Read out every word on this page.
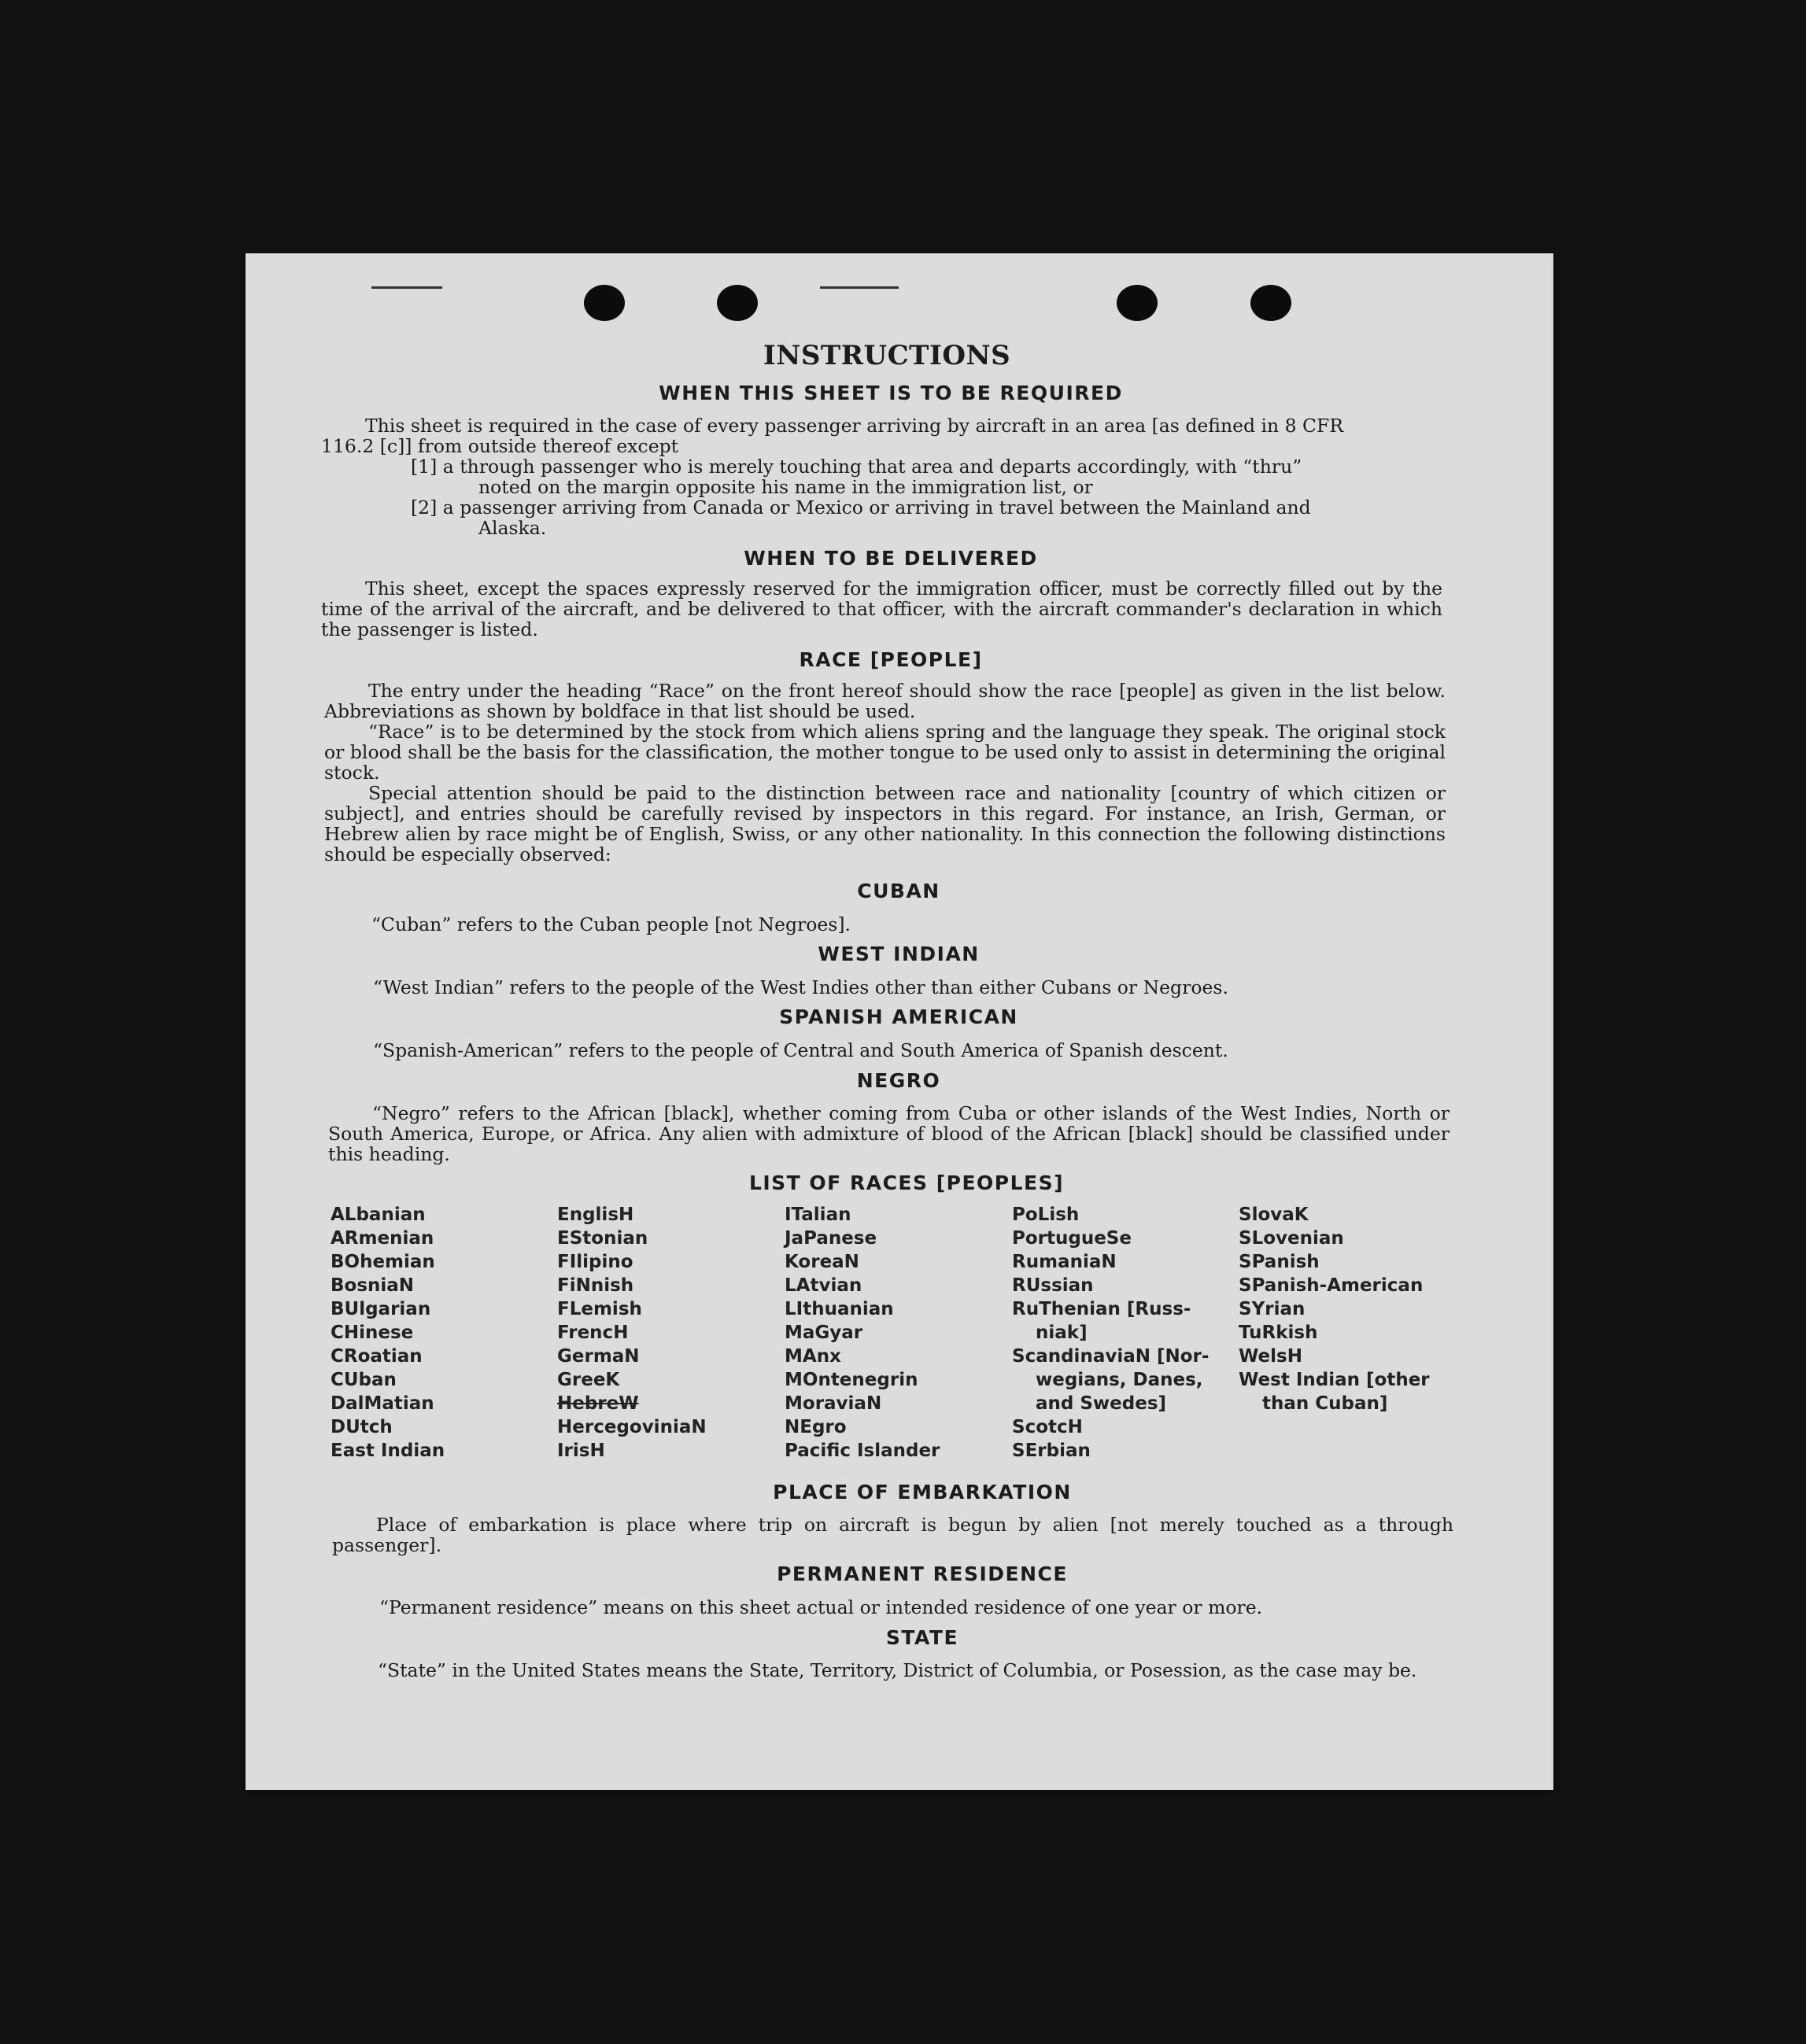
INSTRUCTIONS
WHEN THIS SHEET IS TO BE REQUIRED
This sheet is required in the case of every passenger arriving by aircraft in an area [as defined in 8 CFR
116.2 [c]] from outside thereof except
[1] a through passenger who is merely touching that area and departs accordingly, with “thru”
noted on the margin opposite his name in the immigration list, or
[2] a passenger arriving from Canada or Mexico or arriving in travel between the Mainland and
Alaska.
WHEN TO BE DELIVERED
This sheet, except the spaces expressly reserved for the immigration officer, must be correctly filled out by the time of the arrival of the aircraft, and be delivered to that officer, with the aircraft commander's declaration in which the passenger is listed.
RACE [PEOPLE]
The entry under the heading “Race” on the front hereof should show the race [people] as given in the list below. Abbreviations as shown by boldface in that list should be used.
“Race” is to be determined by the stock from which aliens spring and the language they speak. The original stock or blood shall be the basis for the classification, the mother tongue to be used only to assist in determining the original stock.
Special attention should be paid to the distinction between race and nationality [country of which citizen or subject], and entries should be carefully revised by inspectors in this regard. For instance, an Irish, German, or Hebrew alien by race might be of English, Swiss, or any other nationality. In this connection the following distinctions should be especially observed:
CUBAN
“Cuban” refers to the Cuban people [not Negroes].
WEST INDIAN
“West Indian” refers to the people of the West Indies other than either Cubans or Negroes.
SPANISH AMERICAN
“Spanish-American” refers to the people of Central and South America of Spanish descent.
NEGRO
“Negro” refers to the African [black], whether coming from Cuba or other islands of the West Indies, North or South America, Europe, or Africa. Any alien with admixture of blood of the African [black] should be classified under this heading.
LIST OF RACES [PEOPLES]
ALbanian
ARmenian
BOhemian
BosniaN
BUlgarian
CHinese
CRoatian
CUban
DalMatian
DUtch
East Indian
EnglisH
EStonian
FIlipino
FiNnish
FLemish
FrencH
GermaN
GreeK
HebreW
HercegoviniaN
IrisH
ITalian
JaPanese
KoreaN
LAtvian
LIthuanian
MaGyar
MAnx
MOntenegrin
MoraviaN
NEgro
Pacific Islander
PoLish
PortugueSe
RumaniaN
RUssian
RuThenian [Russ-
niak]
ScandinaviaN [Nor-
wegians, Danes,
and Swedes]
ScotcH
SErbian
SlovaK
SLovenian
SPanish
SPanish-American
SYrian
TuRkish
WelsH
West Indian [other
than Cuban]
PLACE OF EMBARKATION
Place of embarkation is place where trip on aircraft is begun by alien [not merely touched as a through passenger].
PERMANENT RESIDENCE
“Permanent residence” means on this sheet actual or intended residence of one year or more.
STATE
“State” in the United States means the State, Territory, District of Columbia, or Posession, as the case may be.
